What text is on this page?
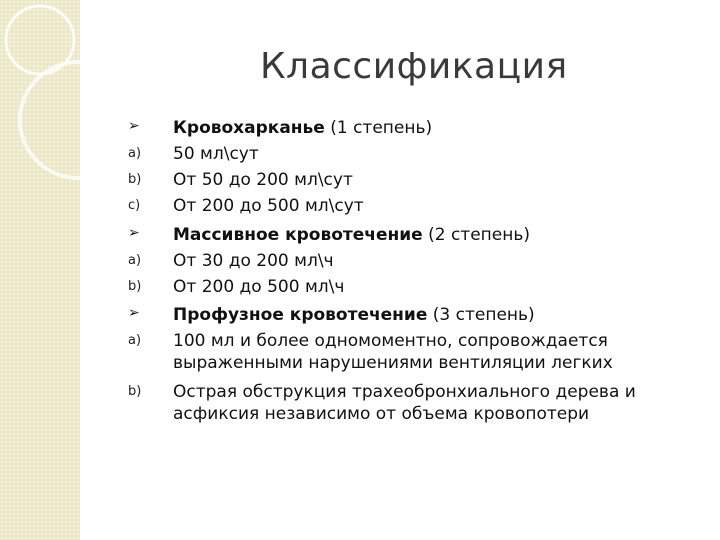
Классификация
➢	Кровохарканье (1 степень)
a)	50 мл\сут
b)	От 50 до 200 мл\сут
c)	От 200 до 500 мл\сут
➢	Массивное кровотечение (2 степень)
a)	От 30 до 200 мл\ч
b)	От 200 до 500 мл\ч
➢	Профузное кровотечение (3 степень)
a)	100 мл и более одномоментно, сопровождается
выраженными нарушениями вентиляции легких
b)	Острая обструкция трахеобронхиального дерева и
асфиксия независимо от объема кровопотери
